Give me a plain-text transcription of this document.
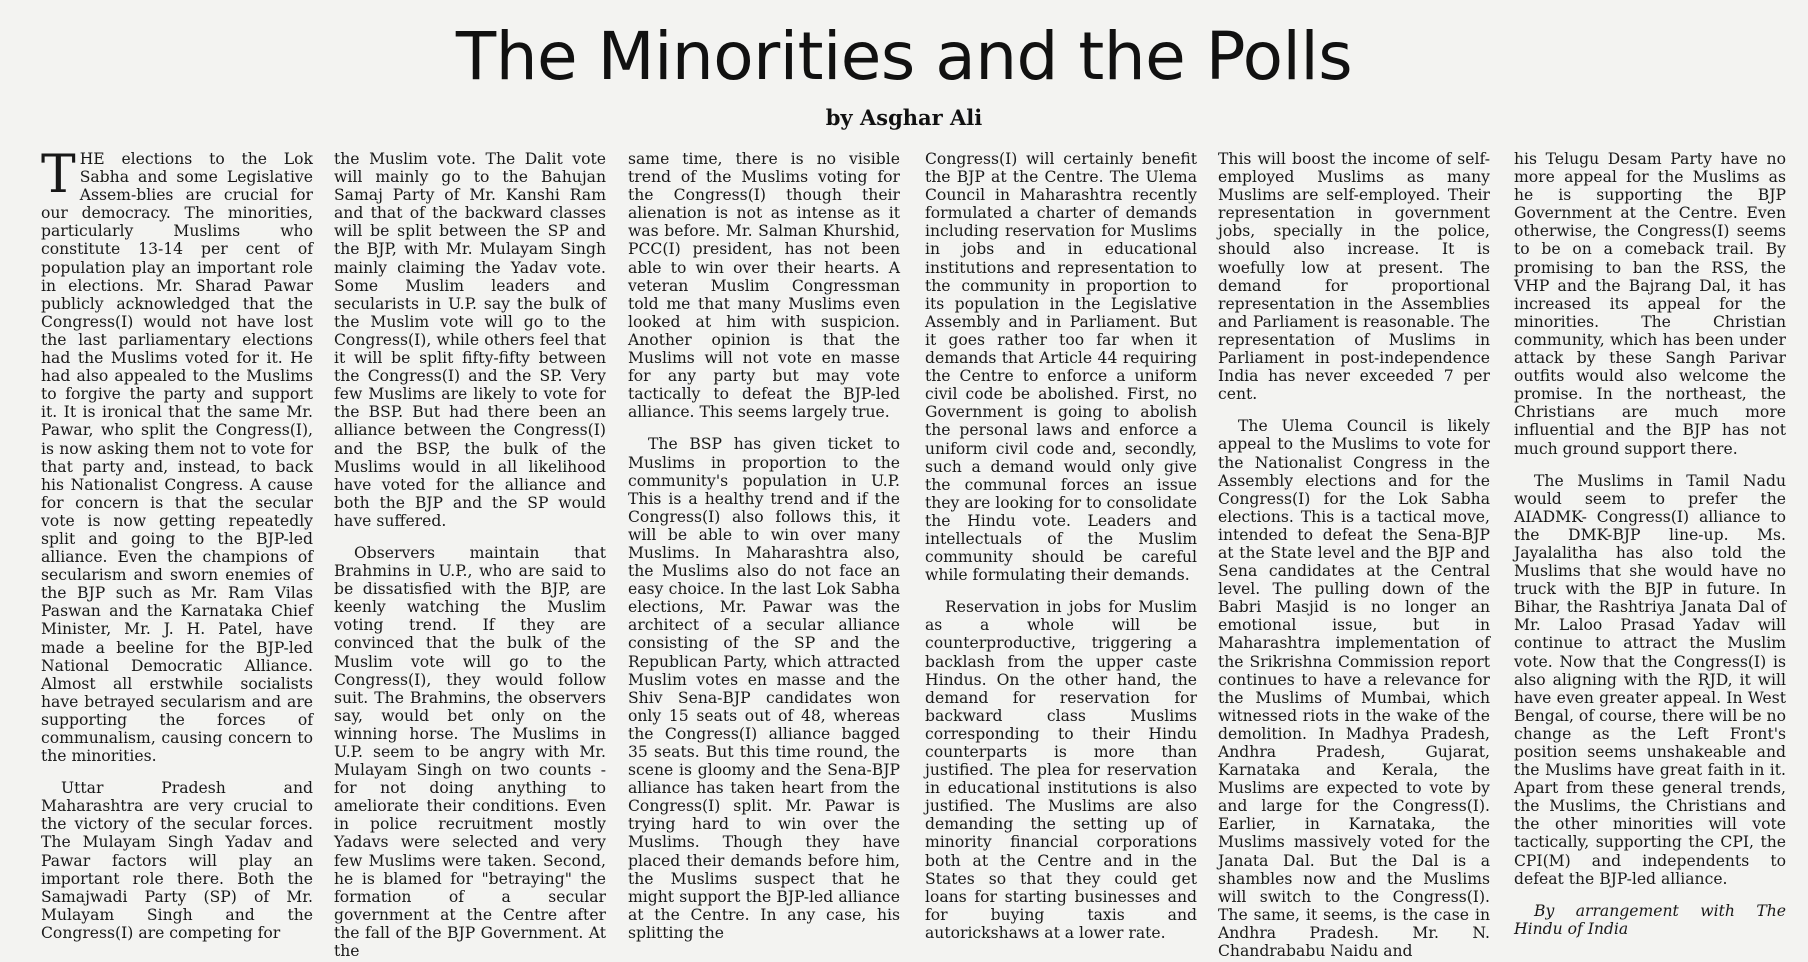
The Minorities and the Polls
by Asghar Ali

THE elections to the Lok Sabha and some Legislative Assem-blies are crucial for our democracy. The minorities, particularly Muslims who constitute 13-14 per cent of population play an important role in elections. Mr. Sharad Pawar publicly acknowledged that the Congress(I) would not have lost the last parliamentary elections had the Muslims voted for it. He had also appealed to the Muslims to forgive the party and support it. It is ironical that the same Mr. Pawar, who split the Congress(I), is now asking them not to vote for that party and, instead, to back his Nationalist Congress. A cause for concern is that the secular vote is now getting repeatedly split and going to the BJP-led alliance. Even the champions of secularism and sworn enemies of the BJP such as Mr. Ram Vilas Paswan and the Karnataka Chief Minister, Mr. J. H. Patel, have made a beeline for the BJP-led National Democratic Alliance. Almost all erstwhile socialists have betrayed secularism and are supporting the forces of communalism, causing concern to the minorities.

Uttar Pradesh and Maharashtra are very crucial to the victory of the secular forces. The Mulayam Singh Yadav and Pawar factors will play an important role there. Both the Samajwadi Party (SP) of Mr. Mulayam Singh and the Congress(I) are competing for

the Muslim vote. The Dalit vote will mainly go to the Bahujan Samaj Party of Mr. Kanshi Ram and that of the backward classes will be split between the SP and the BJP, with Mr. Mulayam Singh mainly claiming the Yadav vote. Some Muslim leaders and secularists in U.P. say the bulk of the Muslim vote will go to the Congress(I), while others feel that it will be split fifty-fifty between the Congress(I) and the SP. Very few Muslims are likely to vote for the BSP. But had there been an alliance between the Congress(I) and the BSP, the bulk of the Muslims would in all likelihood have voted for the alliance and both the BJP and the SP would have suffered.

Observers maintain that Brahmins in U.P., who are said to be dissatisfied with the BJP, are keenly watching the Muslim voting trend. If they are convinced that the bulk of the Muslim vote will go to the Congress(I), they would follow suit. The Brahmins, the observers say, would bet only on the winning horse. The Muslims in U.P. seem to be angry with Mr. Mulayam Singh on two counts - for not doing anything to ameliorate their conditions. Even in police recruitment mostly Yadavs were selected and very few Muslims were taken. Second, he is blamed for "betraying" the formation of a secular government at the Centre after the fall of the BJP Government. At the

same time, there is no visible trend of the Muslims voting for the Congress(I) though their alienation is not as intense as it was before. Mr. Salman Khurshid, PCC(I) president, has not been able to win over their hearts. A veteran Muslim Congressman told me that many Muslims even looked at him with suspicion. Another opinion is that the Muslims will not vote en masse for any party but may vote tactically to defeat the BJP-led alliance. This seems largely true.

The BSP has given ticket to Muslims in proportion to the community's population in U.P. This is a healthy trend and if the Congress(I) also follows this, it will be able to win over many Muslims. In Maharashtra also, the Muslims also do not face an easy choice. In the last Lok Sabha elections, Mr. Pawar was the architect of a secular alliance consisting of the SP and the Republican Party, which attracted Muslim votes en masse and the Shiv Sena-BJP candidates won only 15 seats out of 48, whereas the Congress(I) alliance bagged 35 seats. But this time round, the scene is gloomy and the Sena-BJP alliance has taken heart from the Congress(I) split. Mr. Pawar is trying hard to win over the Muslims. Though they have placed their demands before him, the Muslims suspect that he might support the BJP-led alliance at the Centre. In any case, his splitting the

Congress(I) will certainly benefit the BJP at the Centre. The Ulema Council in Maharashtra recently formulated a charter of demands including reservation for Muslims in jobs and in educational institutions and representation to the community in proportion to its population in the Legislative Assembly and in Parliament. But it goes rather too far when it demands that Article 44 requiring the Centre to enforce a uniform civil code be abolished. First, no Government is going to abolish the personal laws and enforce a uniform civil code and, secondly, such a demand would only give the communal forces an issue they are looking for to consolidate the Hindu vote. Leaders and intellectuals of the Muslim community should be careful while formulating their demands.

Reservation in jobs for Muslim as a whole will be counterproductive, triggering a backlash from the upper caste Hindus. On the other hand, the demand for reservation for backward class Muslims corresponding to their Hindu counterparts is more than justified. The plea for reservation in educational institutions is also justified. The Muslims are also demanding the setting up of minority financial corporations both at the Centre and in the States so that they could get loans for starting businesses and for buying taxis and autorickshaws at a lower rate.

This will boost the income of self-employed Muslims as many Muslims are self-employed. Their representation in government jobs, specially in the police, should also increase. It is woefully low at present. The demand for proportional representation in the Assemblies and Parliament is reasonable. The representation of Muslims in Parliament in post-independence India has never exceeded 7 per cent.

The Ulema Council is likely appeal to the Muslims to vote for the Nationalist Congress in the Assembly elections and for the Congress(I) for the Lok Sabha elections. This is a tactical move, intended to defeat the Sena-BJP at the State level and the BJP and Sena candidates at the Central level. The pulling down of the Babri Masjid is no longer an emotional issue, but in Maharashtra implementation of the Srikrishna Commission report continues to have a relevance for the Muslims of Mumbai, which witnessed riots in the wake of the demolition. In Madhya Pradesh, Andhra Pradesh, Gujarat, Karnataka and Kerala, the Muslims are expected to vote by and large for the Congress(I). Earlier, in Karnataka, the Muslims massively voted for the Janata Dal. But the Dal is a shambles now and the Muslims will switch to the Congress(I). The same, it seems, is the case in Andhra Pradesh. Mr. N. Chandrababu Naidu and

his Telugu Desam Party have no more appeal for the Muslims as he is supporting the BJP Government at the Centre. Even otherwise, the Congress(I) seems to be on a comeback trail. By promising to ban the RSS, the VHP and the Bajrang Dal, it has increased its appeal for the minorities. The Christian community, which has been under attack by these Sangh Parivar outfits would also welcome the promise. In the northeast, the Christians are much more influential and the BJP has not much ground support there.

The Muslims in Tamil Nadu would seem to prefer the AIADMK- Congress(I) alliance to the DMK-BJP line-up. Ms. Jayalalitha has also told the Muslims that she would have no truck with the BJP in future. In Bihar, the Rashtriya Janata Dal of Mr. Laloo Prasad Yadav will continue to attract the Muslim vote. Now that the Congress(I) is also aligning with the RJD, it will have even greater appeal. In West Bengal, of course, there will be no change as the Left Front's position seems unshakeable and the Muslims have great faith in it. Apart from these general trends, the Muslims, the Christians and the other minorities will vote tactically, supporting the CPI, the CPI(M) and independents to defeat the BJP-led alliance.

By arrangement with The Hindu of India
